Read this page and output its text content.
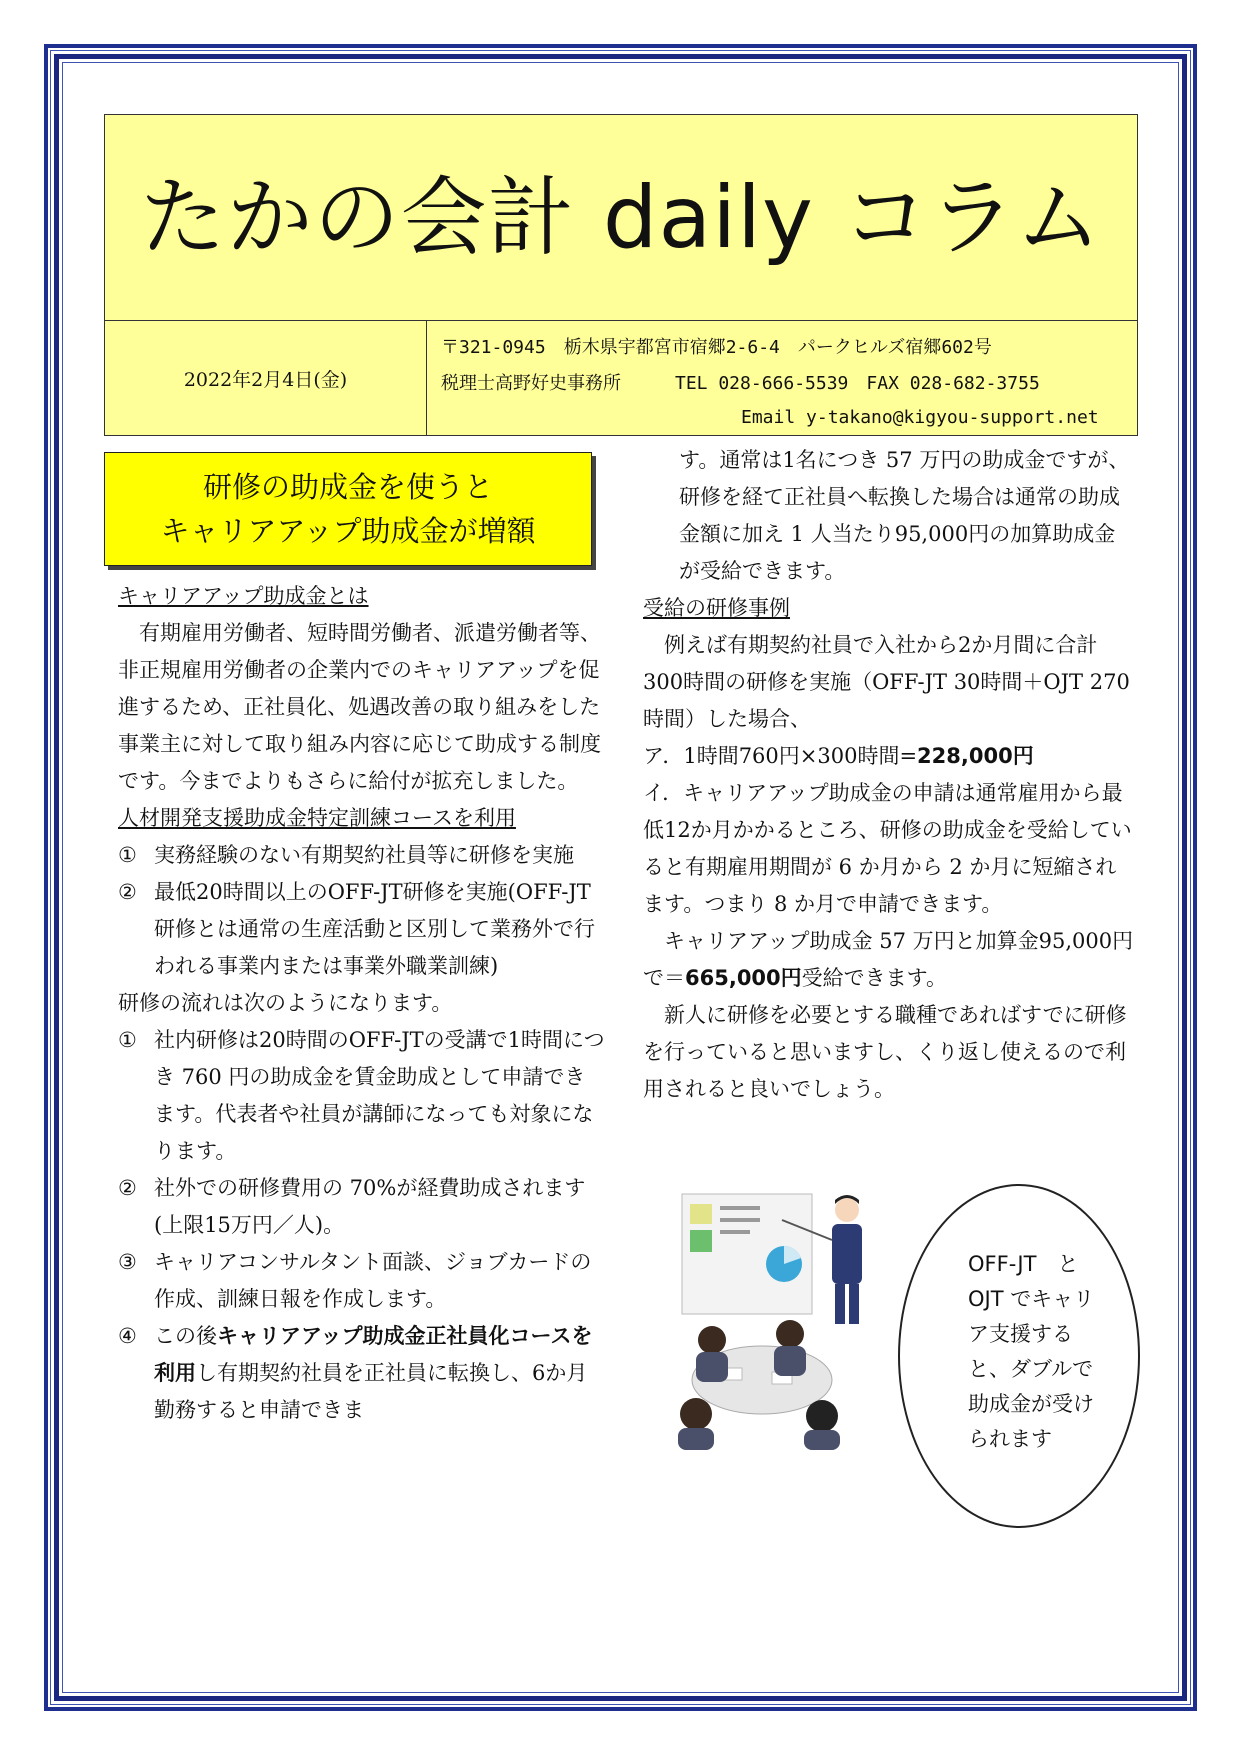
たかの会計 daily コラム
2022年2月4日(金)
〒321-0945　栃木県宇都宮市宿郷2-6-4　パークヒルズ宿郷602号
税理士高野好史事務所　　　TEL 028-666-5539　FAX 028-682-3755
Email y-takano@kigyou-support.net
研修の助成金を使うと
キャリアアップ助成金が増額
キャリアアップ助成金とは
有期雇用労働者、短時間労働者、派遣労働者等、非正規雇用労働者の企業内でのキャリアアップを促進するため、正社員化、処遇改善の取り組みをした事業主に対して取り組み内容に応じて助成する制度です。今までよりもさらに給付が拡充しました。
人材開発支援助成金特定訓練コースを利用
① 実務経験のない有期契約社員等に研修を実施
② 最低20時間以上のOFF-JT研修を実施(OFF-JT研修とは通常の生産活動と区別して業務外で行われる事業内または事業外職業訓練)
研修の流れは次のようになります。
① 社内研修は20時間のOFF-JTの受講で1時間につき 760 円の助成金を賃金助成として申請できます。代表者や社員が講師になっても対象になります。
② 社外での研修費用の 70%が経費助成されます(上限15万円／人)。
③ キャリアコンサルタント面談、ジョブカードの作成、訓練日報を作成します。
④ この後キャリアアップ助成金正社員化コースを利用し有期契約社員を正社員に転換し、6か月勤務すると申請できま
す。通常は1名につき 57 万円の助成金ですが、研修を経て正社員へ転換した場合は通常の助成金額に加え 1 人当たり95,000円の加算助成金が受給できます。
受給の研修事例
例えば有期契約社員で入社から2か月間に合計300時間の研修を実施（OFF-JT 30時間＋OJT 270時間）した場合、
ア．1時間760円×300時間=228,000円
イ．キャリアアップ助成金の申請は通常雇用から最低12か月かかるところ、研修の助成金を受給していると有期雇用期間が 6 か月から 2 か月に短縮されます。つまり 8 か月で申請できます。
キャリアアップ助成金 57 万円と加算金95,000円で＝665,000円受給できます。
新人に研修を必要とする職種であればすでに研修を行っていると思いますし、くり返し使えるので利用されると良いでしょう。
OFF-JT　と OJT でキャリア支援すると、ダブルで助成金が受けられます
